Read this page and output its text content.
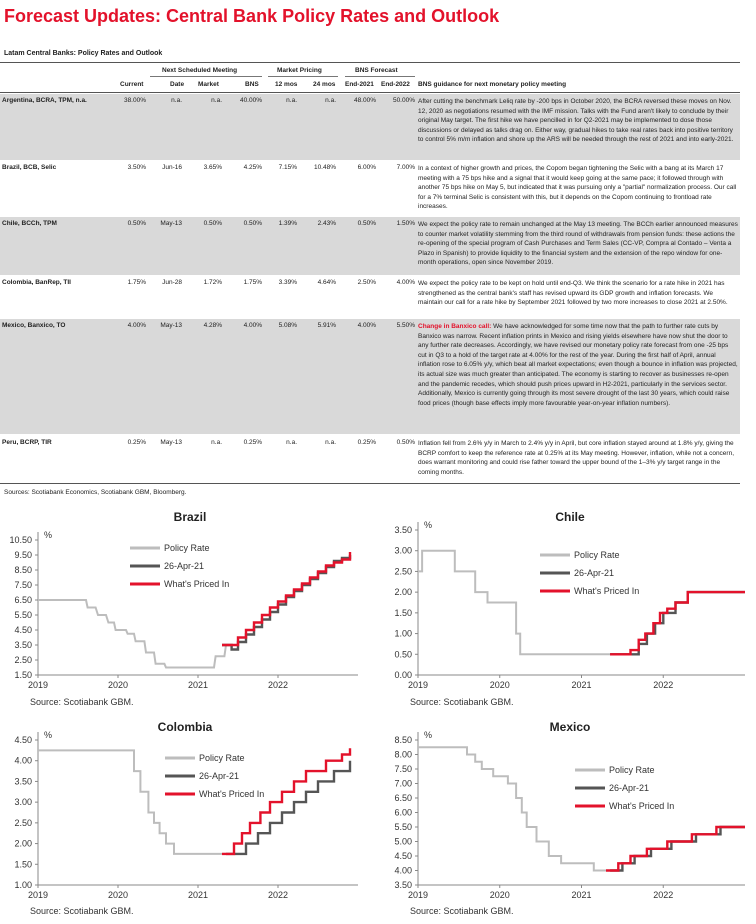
Forecast Updates: Central Bank Policy Rates and Outlook
Latam Central Banks: Policy Rates and Outlook
Next Scheduled Meeting	Market Pricing	BNS Forecast
Current	Date Market	BNS	12 mos 24 mos End-2021 End-2022 BNS guidance for next monetary policy meeting
Argentina, BCRA, TPM, n.a.	38.00%	n.a.	n.a.	40.00%	n.a.	n.a.	48.00%	50.00% After cutting the benchmark Leliq rate by -200 bps in October 2020, the BCRA reversed these moves on Nov. 12, 2020 as negotiations resumed with the IMF mission. Talks with the Fund aren't likely to conclude by their original May target. The first hike we have pencilled in for Q2-2021 may be implemented to dose those discussions or delayed as talks drag on. Either way, gradual hikes to take real rates back into positive territory to control 5% m/m inflation and shore up the ARS will be needed through the rest of 2021 and into early-2021.
Brazil, BCB, Selic	3.50%	Jun-16	3.65%	4.25%	7.15%	10.48%	6.00%	7.00% In a context of higher growth and prices, the Copom began tightening the Selic with a bang at its March 17 meeting with a 75 bps hike and a signal that it would keep going at the same pace; it followed through with another 75 bps hike on May 5, but indicated that it was pursuing only a "partial" normalization process. Our call for a 7% terminal Selic is consistent with this, but it depends on the Copom continuing to frontload rate increases.
Chile, BCCh, TPM	0.50% May-13	0.50%	0.50%	1.39%	2.43%	0.50%	1.50% We expect the policy rate to remain unchanged at the May 13 meeting. The BCCh earlier announced measures to counter market volatility stemming from the third round of withdrawals from pension funds: these actions the re-opening of the special program of Cash Purchases and Term Sales (CC-VP, Compra al Contado – Venta a Plazo in Spanish) to provide liquidity to the financial system and the extension of the repo window for one-month operations, open since November 2019.
Colombia, BanRep, TII	1.75%	Jun-28	1.72%	1.75%	3.39%	4.64%	2.50%	4.00% We expect the policy rate to be kept on hold until end-Q3. We think the scenario for a rate hike in 2021 has strengthened as the central bank's staff has revised upward its GDP growth and inflation forecasts. We maintain our call for a rate hike by September 2021 followed by two more increases to close 2021 at 2.50%.
Mexico, Banxico, TO	4.00% May-13	4.28%	4.00%	5.08%	5.91%	4.00%	5.50% Change in Banxico call: We have acknowledged for some time now that the path to further rate cuts by Banxico was narrow. Recent inflation prints in Mexico and rising yields elsewhere have now shut the door to any further rate decreases. Accordingly, we have revised our monetary policy rate forecast from one -25 bps cut in Q3 to a hold of the target rate at 4.00% for the rest of the year. During the first half of April, annual inflation rose to 6.05% y/y, which beat all market expectations; even though a bounce in inflation was projected, its actual size was much greater than anticipated. The economy is starting to recover as businesses re-open and the pandemic recedes, which should push prices upward in H2-2021, particularly in the services sector. Additionally, Mexico is currently going through its most severe drought of the last 30 years, which could raise food prices (though base effects imply more favourable year-on-year inflation numbers).
Peru, BCRP, TIR	0.25% May-13	n.a.	0.25%	n.a.	n.a.	0.25%	0.50% Inflation fell from 2.6% y/y in March to 2.4% y/y in April, but core inflation stayed around at 1.8% y/y, giving the BCRP comfort to keep the reference rate at 0.25% at its May meeting. However, inflation, while not a concern, does warrant monitoring and could rise father toward the upper bound of the 1–3% y/y target range in the coming months.
Sources: Scotiabank Economics, Scotiabank GBM, Bloomberg.
Brazil
%
10.50
9.50
8.50
7.50
6.50
5.50
4.50
3.50
2.50
1.50
2019	2020	2021	2022
Policy Rate
26-Apr-21
What's Priced In
Source: Scotiabank GBM.
Chile
%
3.50
3.00
2.50
2.00
1.50
1.00
0.50
0.00
2019	2020	2021	2022
Policy Rate
26-Apr-21
What's Priced In
Source: Scotiabank GBM.
Colombia
%
4.50
4.00
3.50
3.00
2.50
2.00
1.50
1.00
2019	2020	2021	2022
Policy Rate
26-Apr-21
What's Priced In
Source: Scotiabank GBM.
Mexico
%
8.50
8.00
7.50
7.00
6.50
6.00
5.50
5.00
4.50
4.00
3.50
2019	2020	2021	2022
Policy Rate
26-Apr-21
What's Priced In
Source: Scotiabank GBM.
